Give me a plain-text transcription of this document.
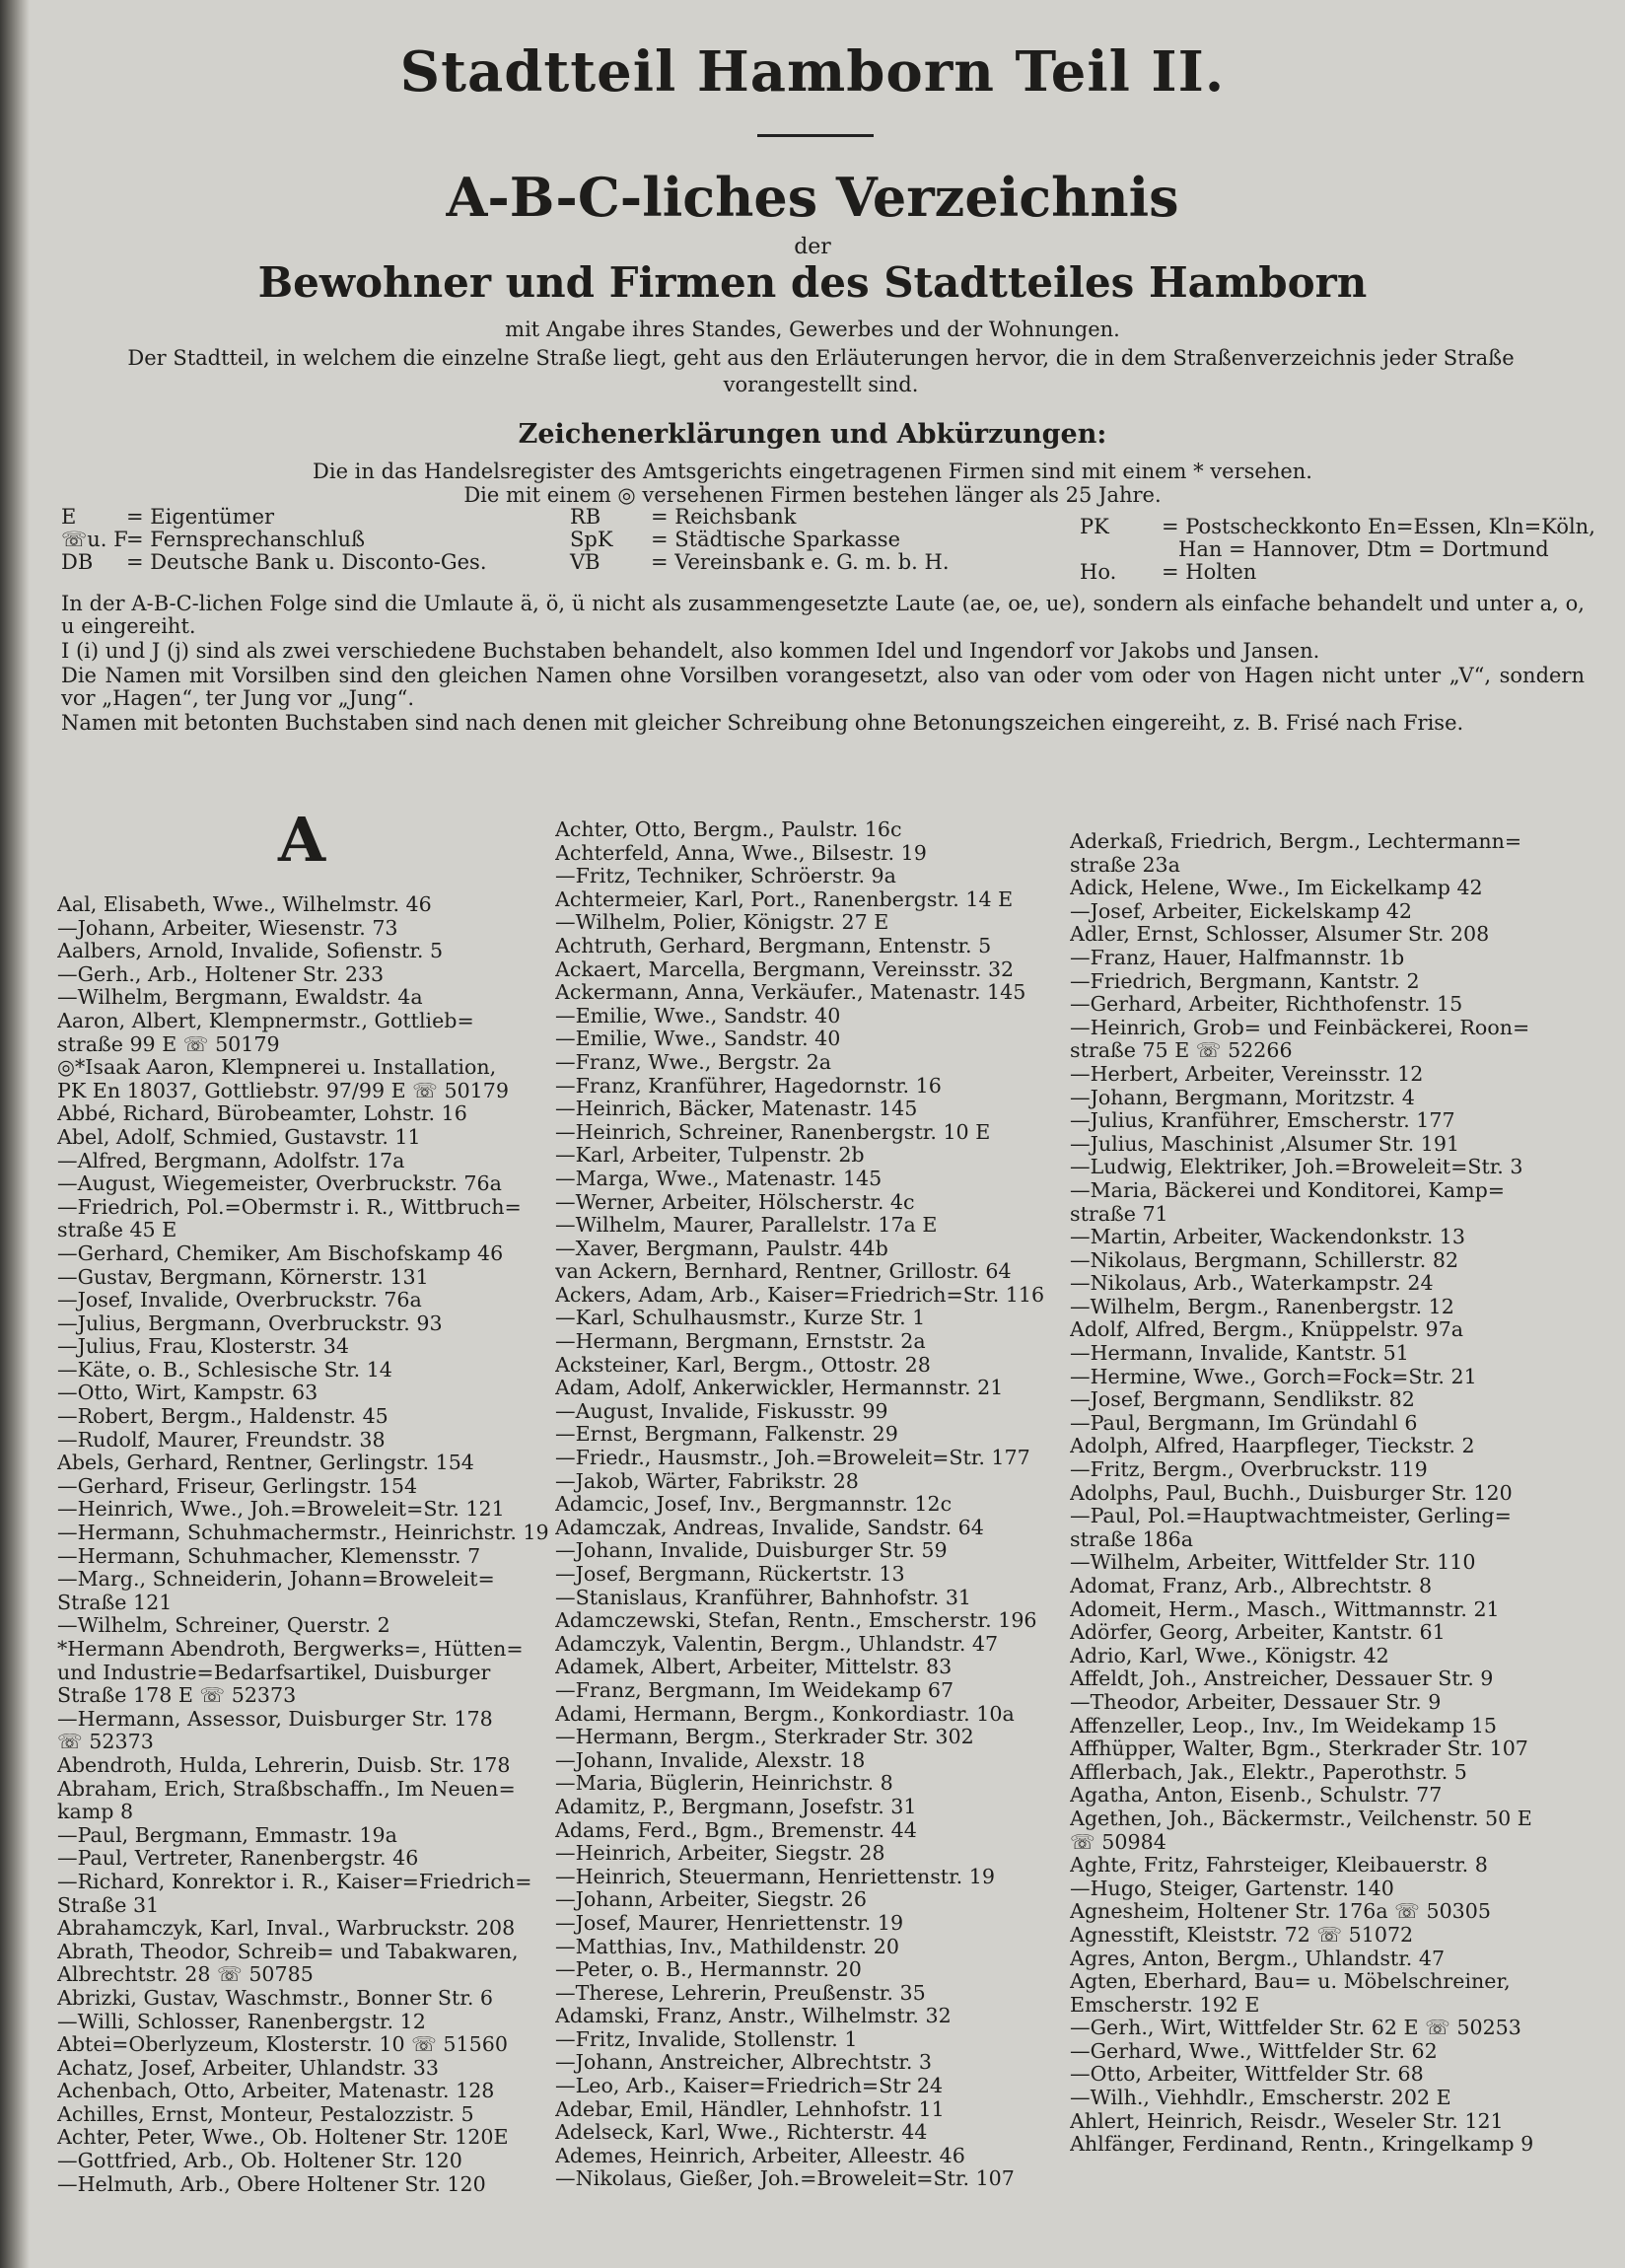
Stadtteil Hamborn Teil II.
A-B-C-liches Verzeichnis
der
Bewohner und Firmen des Stadtteiles Hamborn
mit Angabe ihres Standes, Gewerbes und der Wohnungen.
Der Stadtteil, in welchem die einzelne Straße liegt, geht aus den Erläuterungen hervor, die in dem Straßenverzeichnis jeder Straße vorangestellt sind.
Zeichenerklärungen und Abkürzungen:
Die in das Handelsregister des Amtsgerichts eingetragenen Firmen sind mit einem * versehen.
Die mit einem ◎ versehenen Firmen bestehen länger als 25 Jahre.
E = Eigentümer
☏u. F
= Fernsprechanschluß
DB = Deutsche Bank u. Disconto-Ges.
RB = Reichsbank
SpK = Städtische Sparkasse
VB = Vereinsbank e. G. m. b. H.
PK	= Postscheckkonto En=Essen, Kln=Köln,
Han = Hannover, Dtm = Dortmund
Ho. = Holten

In der A-B-C-lichen Folge sind die Umlaute ä, ö, ü nicht als zusammengesetzte Laute (ae, oe, ue), sondern als einfache behandelt und unter a, o, u eingereiht.

I (i) und J (j) sind als zwei verschiedene Buchstaben behandelt, also kommen Idel und Ingendorf vor Jakobs und Jansen.

Die Namen mit Vorsilben sind den gleichen Namen ohne Vorsilben vorangesetzt, also van oder vom oder von Hagen nicht unter „V“, sondern vor „Hagen“, ter Jung vor „Jung“.

Namen mit betonten Buchstaben sind nach denen mit gleicher Schreibung ohne Betonungszeichen eingereiht, z. B. Frisé nach Frise.

A
Aal, Elisabeth, Wwe., Wilhelmstr. 46
—Johann, Arbeiter, Wiesenstr. 73
Aalbers, Arnold, Invalide, Sofienstr. 5
—Gerh., Arb., Holtener Str. 233
—Wilhelm, Bergmann, Ewaldstr. 4a
Aaron, Albert, Klempnermstr., Gottlieb=
straße 99 E ☏ 50179
◎*Isaak Aaron, Klempnerei u. Installation,
PK En 18037, Gottliebstr. 97/99 E ☏ 50179
Abbé, Richard, Bürobeamter, Lohstr. 16
Abel, Adolf, Schmied, Gustavstr. 11
—Alfred, Bergmann, Adolfstr. 17a
—August, Wiegemeister, Overbruckstr. 76a
—Friedrich, Pol.=Obermstr i. R., Wittbruch=
straße 45 E
—Gerhard, Chemiker, Am Bischofskamp 46
—Gustav, Bergmann, Körnerstr. 131
—Josef, Invalide, Overbruckstr. 76a
—Julius, Bergmann, Overbruckstr. 93
—Julius, Frau, Klosterstr. 34
—Käte, o. B., Schlesische Str. 14
—Otto, Wirt, Kampstr. 63
—Robert, Bergm., Haldenstr. 45
—Rudolf, Maurer, Freundstr. 38
Abels, Gerhard, Rentner, Gerlingstr. 154
—Gerhard, Friseur, Gerlingstr. 154
—Heinrich, Wwe., Joh.=Broweleit=Str. 121
—Hermann, Schuhmachermstr., Heinrichstr. 19
—Hermann, Schuhmacher, Klemensstr. 7
—Marg., Schneiderin, Johann=Broweleit=
Straße 121
—Wilhelm, Schreiner, Querstr. 2
*Hermann Abendroth, Bergwerks=, Hütten=
und Industrie=Bedarfsartikel, Duisburger
Straße 178 E ☏ 52373
—Hermann, Assessor, Duisburger Str. 178
☏ 52373
Abendroth, Hulda, Lehrerin, Duisb. Str. 178
Abraham, Erich, Straßbschaffn., Im Neuen=
kamp 8
—Paul, Bergmann, Emmastr. 19a
—Paul, Vertreter, Ranenbergstr. 46
—Richard, Konrektor i. R., Kaiser=Friedrich=
Straße 31
Abrahamczyk, Karl, Inval., Warbruckstr. 208
Abrath, Theodor, Schreib= und Tabakwaren,
Albrechtstr. 28 ☏ 50785
Abrizki, Gustav, Waschmstr., Bonner Str. 6
—Willi, Schlosser, Ranenbergstr. 12
Abtei=Oberlyzeum, Klosterstr. 10 ☏ 51560
Achatz, Josef, Arbeiter, Uhlandstr. 33
Achenbach, Otto, Arbeiter, Matenastr. 128
Achilles, Ernst, Monteur, Pestalozzistr. 5
Achter, Peter, Wwe., Ob. Holtener Str. 120E
—Gottfried, Arb., Ob. Holtener Str. 120
—Helmuth, Arb., Obere Holtener Str. 120
Achter, Otto, Bergm., Paulstr. 16c
Achterfeld, Anna, Wwe., Bilsestr. 19
—Fritz, Techniker, Schröerstr. 9a
Achtermeier, Karl, Port., Ranenbergstr. 14 E
—Wilhelm, Polier, Königstr. 27 E
Achtruth, Gerhard, Bergmann, Entenstr. 5
Ackaert, Marcella, Bergmann, Vereinsstr. 32
Ackermann, Anna, Verkäufer., Matenastr. 145
—Emilie, Wwe., Sandstr. 40
—Emilie, Wwe., Sandstr. 40
—Franz, Wwe., Bergstr. 2a
—Franz, Kranführer, Hagedornstr. 16
—Heinrich, Bäcker, Matenastr. 145
—Heinrich, Schreiner, Ranenbergstr. 10 E
—Karl, Arbeiter, Tulpenstr. 2b
—Marga, Wwe., Matenastr. 145
—Werner, Arbeiter, Hölscherstr. 4c
—Wilhelm, Maurer, Parallelstr. 17a E
—Xaver, Bergmann, Paulstr. 44b
van Ackern, Bernhard, Rentner, Grillostr. 64
Ackers, Adam, Arb., Kaiser=Friedrich=Str. 116
—Karl, Schulhausmstr., Kurze Str. 1
—Hermann, Bergmann, Ernststr. 2a
Acksteiner, Karl, Bergm., Ottostr. 28
Adam, Adolf, Ankerwickler, Hermannstr. 21
—August, Invalide, Fiskusstr. 99
—Ernst, Bergmann, Falkenstr. 29
—Friedr., Hausmstr., Joh.=Broweleit=Str. 177
—Jakob, Wärter, Fabrikstr. 28
Adamcic, Josef, Inv., Bergmannstr. 12c
Adamczak, Andreas, Invalide, Sandstr. 64
—Johann, Invalide, Duisburger Str. 59
—Josef, Bergmann, Rückertstr. 13
—Stanislaus, Kranführer, Bahnhofstr. 31
Adamczewski, Stefan, Rentn., Emscherstr. 196
Adamczyk, Valentin, Bergm., Uhlandstr. 47
Adamek, Albert, Arbeiter, Mittelstr. 83
—Franz, Bergmann, Im Weidekamp 67
Adami, Hermann, Bergm., Konkordiastr. 10a
—Hermann, Bergm., Sterkrader Str. 302
—Johann, Invalide, Alexstr. 18
—Maria, Büglerin, Heinrichstr. 8
Adamitz, P., Bergmann, Josefstr. 31
Adams, Ferd., Bgm., Bremenstr. 44
—Heinrich, Arbeiter, Siegstr. 28
—Heinrich, Steuermann, Henriettenstr. 19
—Johann, Arbeiter, Siegstr. 26
—Josef, Maurer, Henriettenstr. 19
—Matthias, Inv., Mathildenstr. 20
—Peter, o. B., Hermannstr. 20
—Therese, Lehrerin, Preußenstr. 35
Adamski, Franz, Anstr., Wilhelmstr. 32
—Fritz, Invalide, Stollenstr. 1
—Johann, Anstreicher, Albrechtstr. 3
—Leo, Arb., Kaiser=Friedrich=Str 24
Adebar, Emil, Händler, Lehnhofstr. 11
Adelseck, Karl, Wwe., Richterstr. 44
Ademes, Heinrich, Arbeiter, Alleestr. 46
—Nikolaus, Gießer, Joh.=Broweleit=Str. 107
Aderkaß, Friedrich, Bergm., Lechtermann=
straße 23a
Adick, Helene, Wwe., Im Eickelkamp 42
—Josef, Arbeiter, Eickelskamp 42
Adler, Ernst, Schlosser, Alsumer Str. 208
—Franz, Hauer, Halfmannstr. 1b
—Friedrich, Bergmann, Kantstr. 2
—Gerhard, Arbeiter, Richthofenstr. 15
—Heinrich, Grob= und Feinbäckerei, Roon=
straße 75 E ☏ 52266
—Herbert, Arbeiter, Vereinsstr. 12
—Johann, Bergmann, Moritzstr. 4
—Julius, Kranführer, Emscherstr. 177
—Julius, Maschinist ,Alsumer Str. 191
—Ludwig, Elektriker, Joh.=Broweleit=Str. 3
—Maria, Bäckerei und Konditorei, Kamp=
straße 71
—Martin, Arbeiter, Wackendonkstr. 13
—Nikolaus, Bergmann, Schillerstr. 82
—Nikolaus, Arb., Waterkampstr. 24
—Wilhelm, Bergm., Ranenbergstr. 12
Adolf, Alfred, Bergm., Knüppelstr. 97a
—Hermann, Invalide, Kantstr. 51
—Hermine, Wwe., Gorch=Fock=Str. 21
—Josef, Bergmann, Sendlikstr. 82
—Paul, Bergmann, Im Gründahl 6
Adolph, Alfred, Haarpfleger, Tieckstr. 2
—Fritz, Bergm., Overbruckstr. 119
Adolphs, Paul, Buchh., Duisburger Str. 120
—Paul, Pol.=Hauptwachtmeister, Gerling=
straße 186a
—Wilhelm, Arbeiter, Wittfelder Str. 110
Adomat, Franz, Arb., Albrechtstr. 8
Adomeit, Herm., Masch., Wittmannstr. 21
Adörfer, Georg, Arbeiter, Kantstr. 61
Adrio, Karl, Wwe., Königstr. 42
Affeldt, Joh., Anstreicher, Dessauer Str. 9
—Theodor, Arbeiter, Dessauer Str. 9
Affenzeller, Leop., Inv., Im Weidekamp 15
Affhüpper, Walter, Bgm., Sterkrader Str. 107
Afflerbach, Jak., Elektr., Paperothstr. 5
Agatha, Anton, Eisenb., Schulstr. 77
Agethen, Joh., Bäckermstr., Veilchenstr. 50 E
☏ 50984
Aghte, Fritz, Fahrsteiger, Kleibauerstr. 8
—Hugo, Steiger, Gartenstr. 140
Agnesheim, Holtener Str. 176a ☏ 50305
Agnesstift, Kleiststr. 72 ☏ 51072
Agres, Anton, Bergm., Uhlandstr. 47
Agten, Eberhard, Bau= u. Möbelschreiner,
Emscherstr. 192 E
—Gerh., Wirt, Wittfelder Str. 62 E ☏ 50253
—Gerhard, Wwe., Wittfelder Str. 62
—Otto, Arbeiter, Wittfelder Str. 68
—Wilh., Viehhdlr., Emscherstr. 202 E
Ahlert, Heinrich, Reisdr., Weseler Str. 121
Ahlfänger, Ferdinand, Rentn., Kringelkamp 9
